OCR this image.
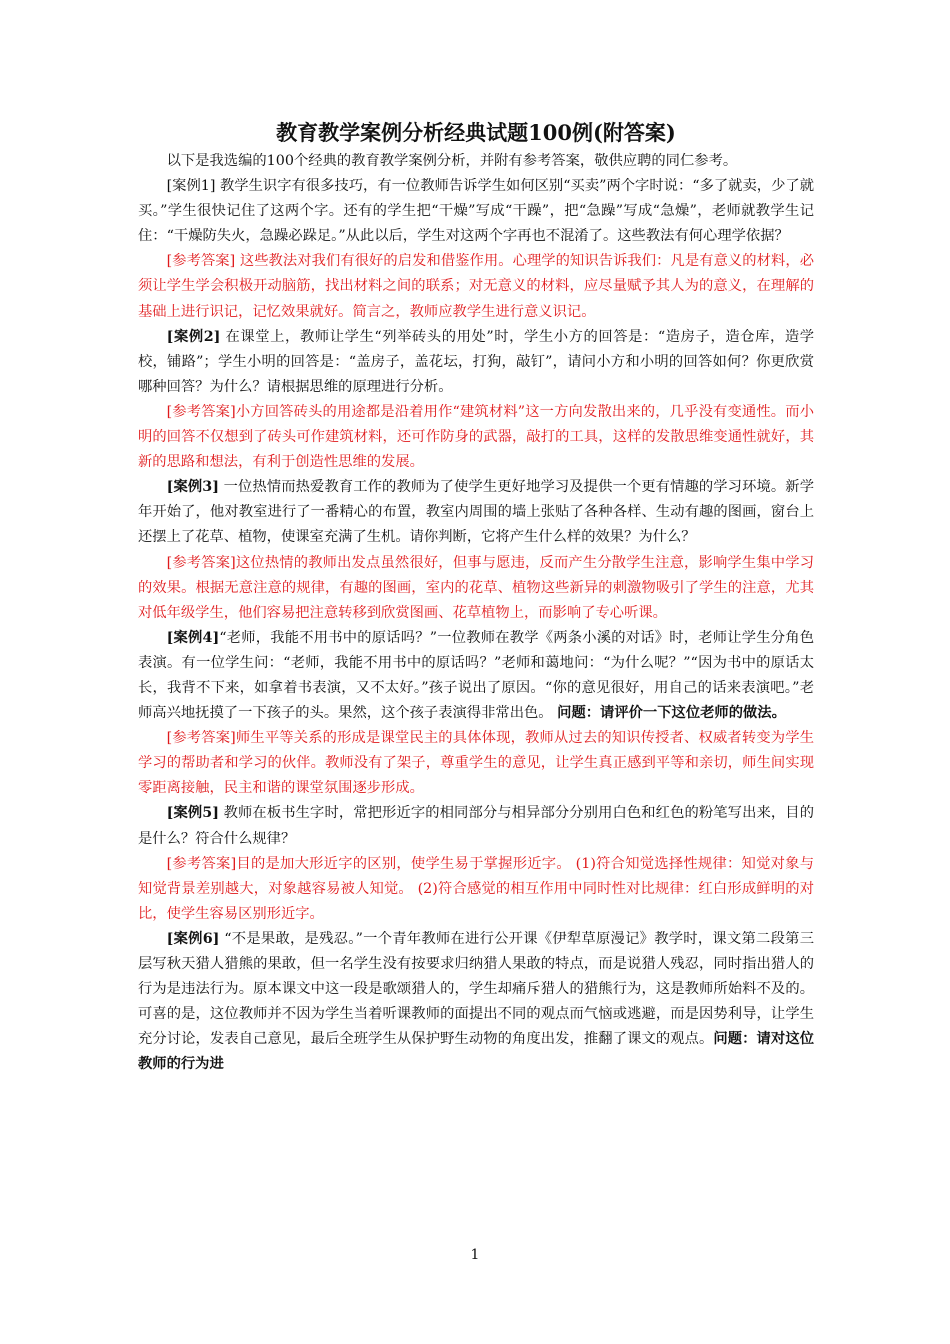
教育教学案例分析经典试题100例(附答案)

以下是我选编的100个经典的教育教学案例分析，并附有参考答案，敬供应聘的同仁参考。

[案例1] 教学生识字有很多技巧，有一位教师告诉学生如何区别“买卖”两个字时说：“多了就卖，少了就买。”学生很快记住了这两个字。还有的学生把“干燥”写成“干躁”，把“急躁”写成“急燥”，老师就教学生记住：“干燥防失火，急躁必跺足。”从此以后，学生对这两个字再也不混淆了。这些教法有何心理学依据？

[参考答案] 这些教法对我们有很好的启发和借鉴作用。心理学的知识告诉我们：凡是有意义的材料，必须让学生学会积极开动脑筋，找出材料之间的联系；对无意义的材料，应尽量赋予其人为的意义，在理解的基础上进行识记，记忆效果就好。简言之，教师应教学生进行意义识记。

[案例2] 在课堂上，教师让学生“列举砖头的用处”时，学生小方的回答是：“造房子，造仓库，造学校，铺路”；学生小明的回答是：“盖房子，盖花坛，打狗，敲钉”，请问小方和小明的回答如何？你更欣赏哪种回答？为什么？请根据思维的原理进行分析。

[参考答案]小方回答砖头的用途都是沿着用作“建筑材料”这一方向发散出来的，几乎没有变通性。而小明的回答不仅想到了砖头可作建筑材料，还可作防身的武器，敲打的工具，这样的发散思维变通性就好，其新的思路和想法，有利于创造性思维的发展。

[案例3] 一位热情而热爱教育工作的教师为了使学生更好地学习及提供一个更有情趣的学习环境。新学年开始了，他对教室进行了一番精心的布置，教室内周围的墙上张贴了各种各样、生动有趣的图画，窗台上还摆上了花草、植物，使课室充满了生机。请你判断，它将产生什么样的效果？为什么？

[参考答案]这位热情的教师出发点虽然很好，但事与愿违，反而产生分散学生注意，影响学生集中学习的效果。根据无意注意的规律，有趣的图画，室内的花草、植物这些新异的刺激物吸引了学生的注意，尤其对低年级学生，他们容易把注意转移到欣赏图画、花草植物上，而影响了专心听课。

[案例4]“老师，我能不用书中的原话吗？”一位教师在教学《两条小溪的对话》时，老师让学生分角色表演。有一位学生问：“老师，我能不用书中的原话吗？”老师和蔼地问：“为什么呢？”“因为书中的原话太长，我背不下来，如拿着书表演，又不太好。”孩子说出了原因。“你的意见很好，用自己的话来表演吧。”老师高兴地抚摸了一下孩子的头。果然，这个孩子表演得非常出色。 问题：请评价一下这位老师的做法。

[参考答案]师生平等关系的形成是课堂民主的具体体现，教师从过去的知识传授者、权威者转变为学生学习的帮助者和学习的伙伴。教师没有了架子，尊重学生的意见，让学生真正感到平等和亲切，师生间实现零距离接触，民主和谐的课堂氛围逐步形成。

[案例5] 教师在板书生字时，常把形近字的相同部分与相异部分分别用白色和红色的粉笔写出来，目的是什么？符合什么规律？

[参考答案]目的是加大形近字的区别，使学生易于掌握形近字。 (1)符合知觉选择性规律：知觉对象与知觉背景差别越大，对象越容易被人知觉。 (2)符合感觉的相互作用中同时性对比规律：红白形成鲜明的对比，使学生容易区别形近字。

[案例6] “不是果敢，是残忍。”一个青年教师在进行公开课《伊犁草原漫记》教学时，课文第二段第三层写秋天猎人猎熊的果敢，但一名学生没有按要求归纳猎人果敢的特点，而是说猎人残忍，同时指出猎人的行为是违法行为。原本课文中这一段是歌颂猎人的，学生却痛斥猎人的猎熊行为，这是教师所始料不及的。可喜的是，这位教师并不因为学生当着听课教师的面提出不同的观点而气恼或逃避，而是因势利导，让学生充分讨论，发表自己意见，最后全班学生从保护野生动物的角度出发，推翻了课文的观点。问题：请对这位教师的行为进

1
